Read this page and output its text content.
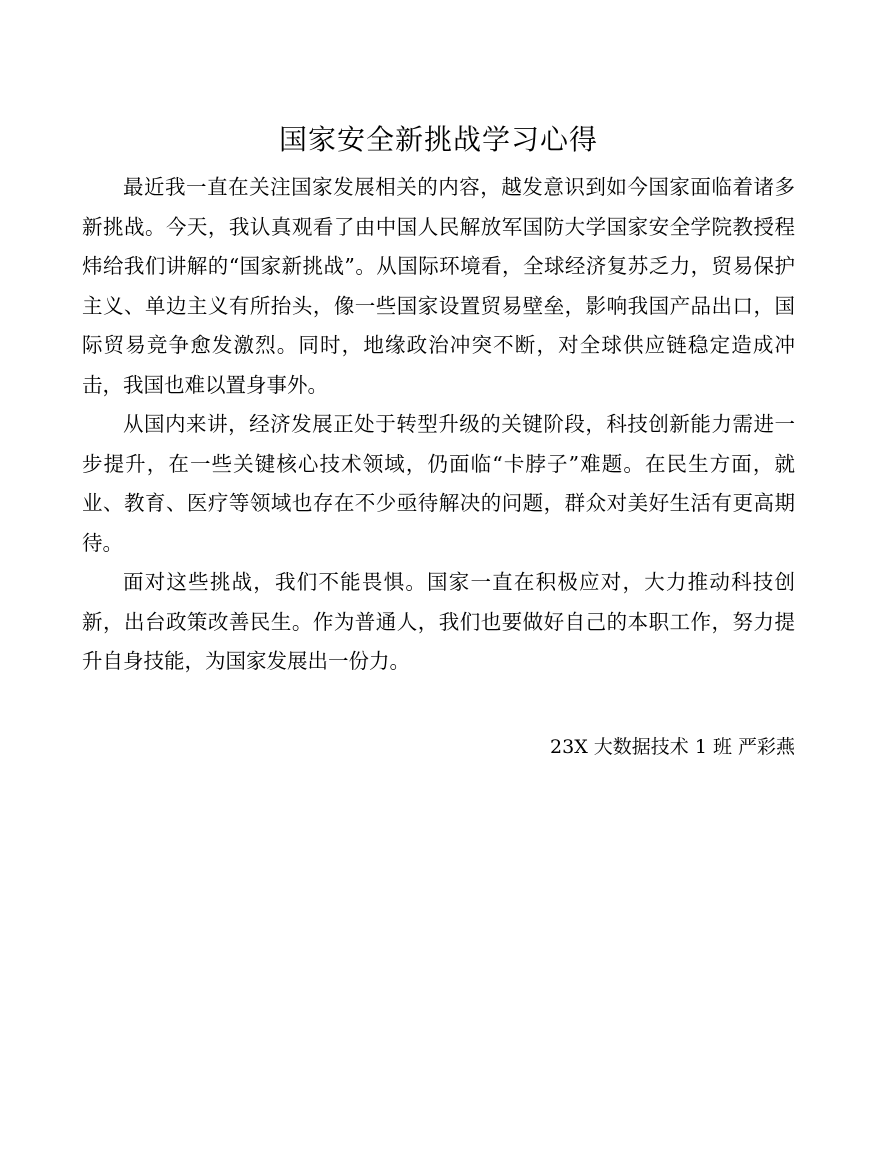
国家安全新挑战学习心得

最近我一直在关注国家发展相关的内容，越发意识到如今国家面临着诸多新挑战。今天，我认真观看了由中国人民解放军国防大学国家安全学院教授程炜给我们讲解的“国家新挑战”。从国际环境看，全球经济复苏乏力，贸易保护主义、单边主义有所抬头，像一些国家设置贸易壁垒，影响我国产品出口，国际贸易竞争愈发激烈。同时，地缘政治冲突不断，对全球供应链稳定造成冲击，我国也难以置身事外。

从国内来讲，经济发展正处于转型升级的关键阶段，科技创新能力需进一步提升，在一些关键核心技术领域，仍面临“卡脖子”难题。在民生方面，就业、教育、医疗等领域也存在不少亟待解决的问题，群众对美好生活有更高期待。

面对这些挑战，我们不能畏惧。国家一直在积极应对，大力推动科技创新，出台政策改善民生。作为普通人，我们也要做好自己的本职工作，努力提升自身技能，为国家发展出一份力。

23X 大数据技术 1 班 严彩燕
